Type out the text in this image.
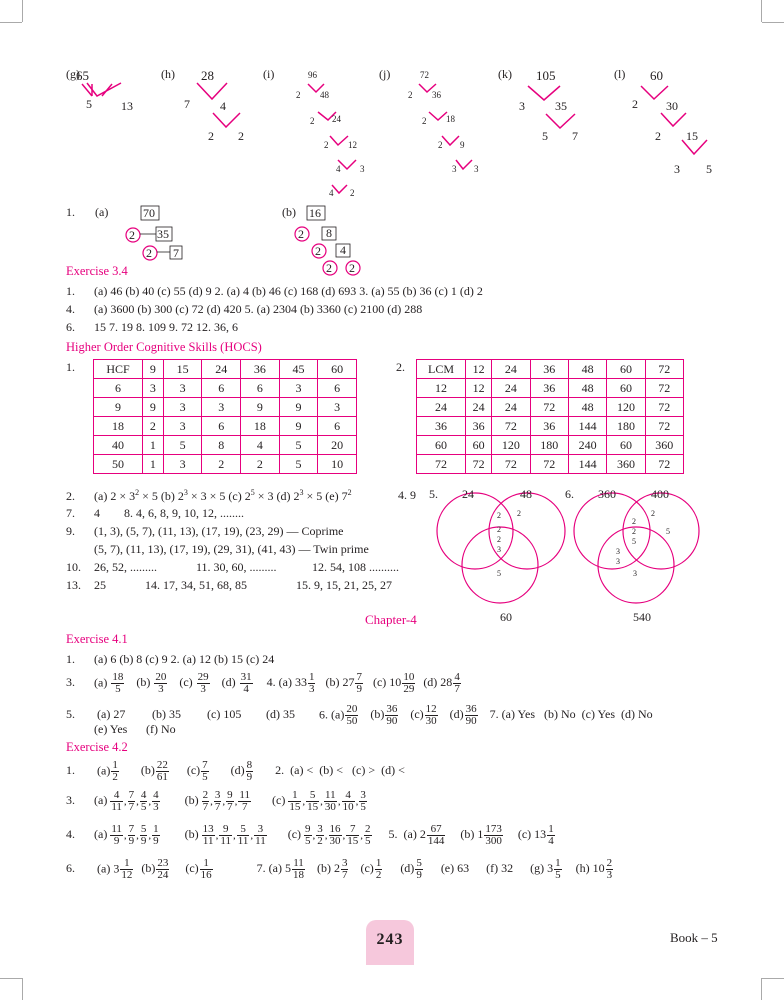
(g)
65
5 13
(h) 28
7	4
2 2
(i)	96
2 48
2 24
2 12
4 3
4 2
(j)	72
2 36
2 18
2 9
3 3
(k) 105
3	35
5 7
(l) 60
2 30
2 15
3 5
1. (a)	70
2 35
2 7
(b) 16
2 8
2 4
2 2
Exercise 3.4
1. (a) 46 (b) 40 (c) 55 (d) 9 2. (a) 4 (b) 46 (c) 168 (d) 693 3. (a) 55 (b) 36 (c) 1 (d) 2
4. (a) 3600 (b) 300 (c) 72 (d) 420 5. (a) 2304 (b) 3360 (c) 2100 (d) 288
6. 15 7. 19 8. 109 9. 72 12. 36, 6
Higher Order Cognitive Skills (HOCS)
1.	HCF	9	15	24	36	45	60
6	3	3	6	6	3	6
9	9	3	3	9	9	3
18	2	3	6	18	9	6
40	1	5	8	4	5	20
50	1	3	2	2	5	10
2. LCM	12	24	36	48	60	72
12	12	24	36	48	60	72
24	24	24	72	48	120	72
36	36	72	36	144	180	72
60	60	120	180	240	60	360
72	72	72	72	144	360	72
2. (a) $2 \times 3^2 \times 5$ (b) $2^3 \times 3 \times 5$ (c) $2^5 \times 3$ (d) $2^3 \times 5$ (e) $7^2$	4. 9
7. 4        8. 4, 6, 8, 9, 10, 12, ........
9. (1, 3), (5, 7), (11, 13), (17, 19), (23, 29) — Coprime
(5, 7), (11, 13), (17, 19), (29, 31), (41, 43) — Twin prime
10. 26, 52, .........	11. 30, 60, .........	12. 54, 108 ..........
13. 25	14. 17, 34, 51, 68, 85	15. 9, 15, 21, 25, 27
5. 24	48
60
2 2
2
2
3
5
6. 360	400
540
2
2
2
5
5
3
3
3
Chapter-4
Exercise 4.1
1. (a) 6 (b) 8 (c) 9 2. (a) 12 (b) 15 (c) 24
3. $(a) \frac{18}{5} (b) \frac{20}{3} (c) \frac{29}{3} (d) \frac{31}{4} 4$. (a) $33 \frac{1}{3} (b)$ $27 \frac{7}{9} (c)$ $10 \frac{10}{29} (d)$ $28 \frac{4}{7}$
5. (a) 27 (b) 35 (c) 105 (d) 35 6. $(a) \frac{20}{50} (b) \frac{36}{90} (c) \frac{12}{30} (d) \frac{36}{90} 7$. (a) Yes   (b) No  (c) Yes  (d) No
(e) Yes (f) No
Exercise 4.2
1. $(a) \frac{1}{2} (b) \frac{22}{61} (c) \frac{7}{5} (d) \frac{8}{9} 2$.  (a) <  (b) <   (c) >  (d) <
3. $(a) \frac{4}{11}$ , $\frac{7}{7}$ , $\frac{4}{5}$ , $\frac{4}{3} (b) \frac{2}{7}$ , $\frac{3}{7}$ , $\frac{9}{7}$ , $\frac{11}{7} (c) \frac{1}{15}$ , $\frac{5}{15}$ , $\frac{11}{30}$ , $\frac{4}{10}$ , $\frac{3}{5}$
4. $(a) \frac{11}{9}$ , $\frac{7}{9}$ , $\frac{5}{9}$ , $\frac{1}{9} (b) \frac{13}{11}$ , $\frac{9}{11}$ , $\frac{5}{11}$ , $\frac{3}{11} (c) \frac{9}{5}$ , $\frac{3}{2}$ , $\frac{16}{30}$ , $\frac{7}{15}$ , $\frac{2}{5} 5$.  (a) $2 \frac{67}{144} (b)$ $1 \frac{173}{300} (c)$ $13 \frac{1}{4}$
6. (a) $3 \frac{1}{12} (b) \frac{23}{24} (c) \frac{1}{16}$	7. (a) $5 \frac{11}{18} (b)$ $2 \frac{3}{7} (c) \frac{1}{2} (d) \frac{5}{9} (e)$ 63 (f) 32 (g) $3 \frac{1}{5} (h)$ $10 \frac{2}{3}$
243	Book – 5
